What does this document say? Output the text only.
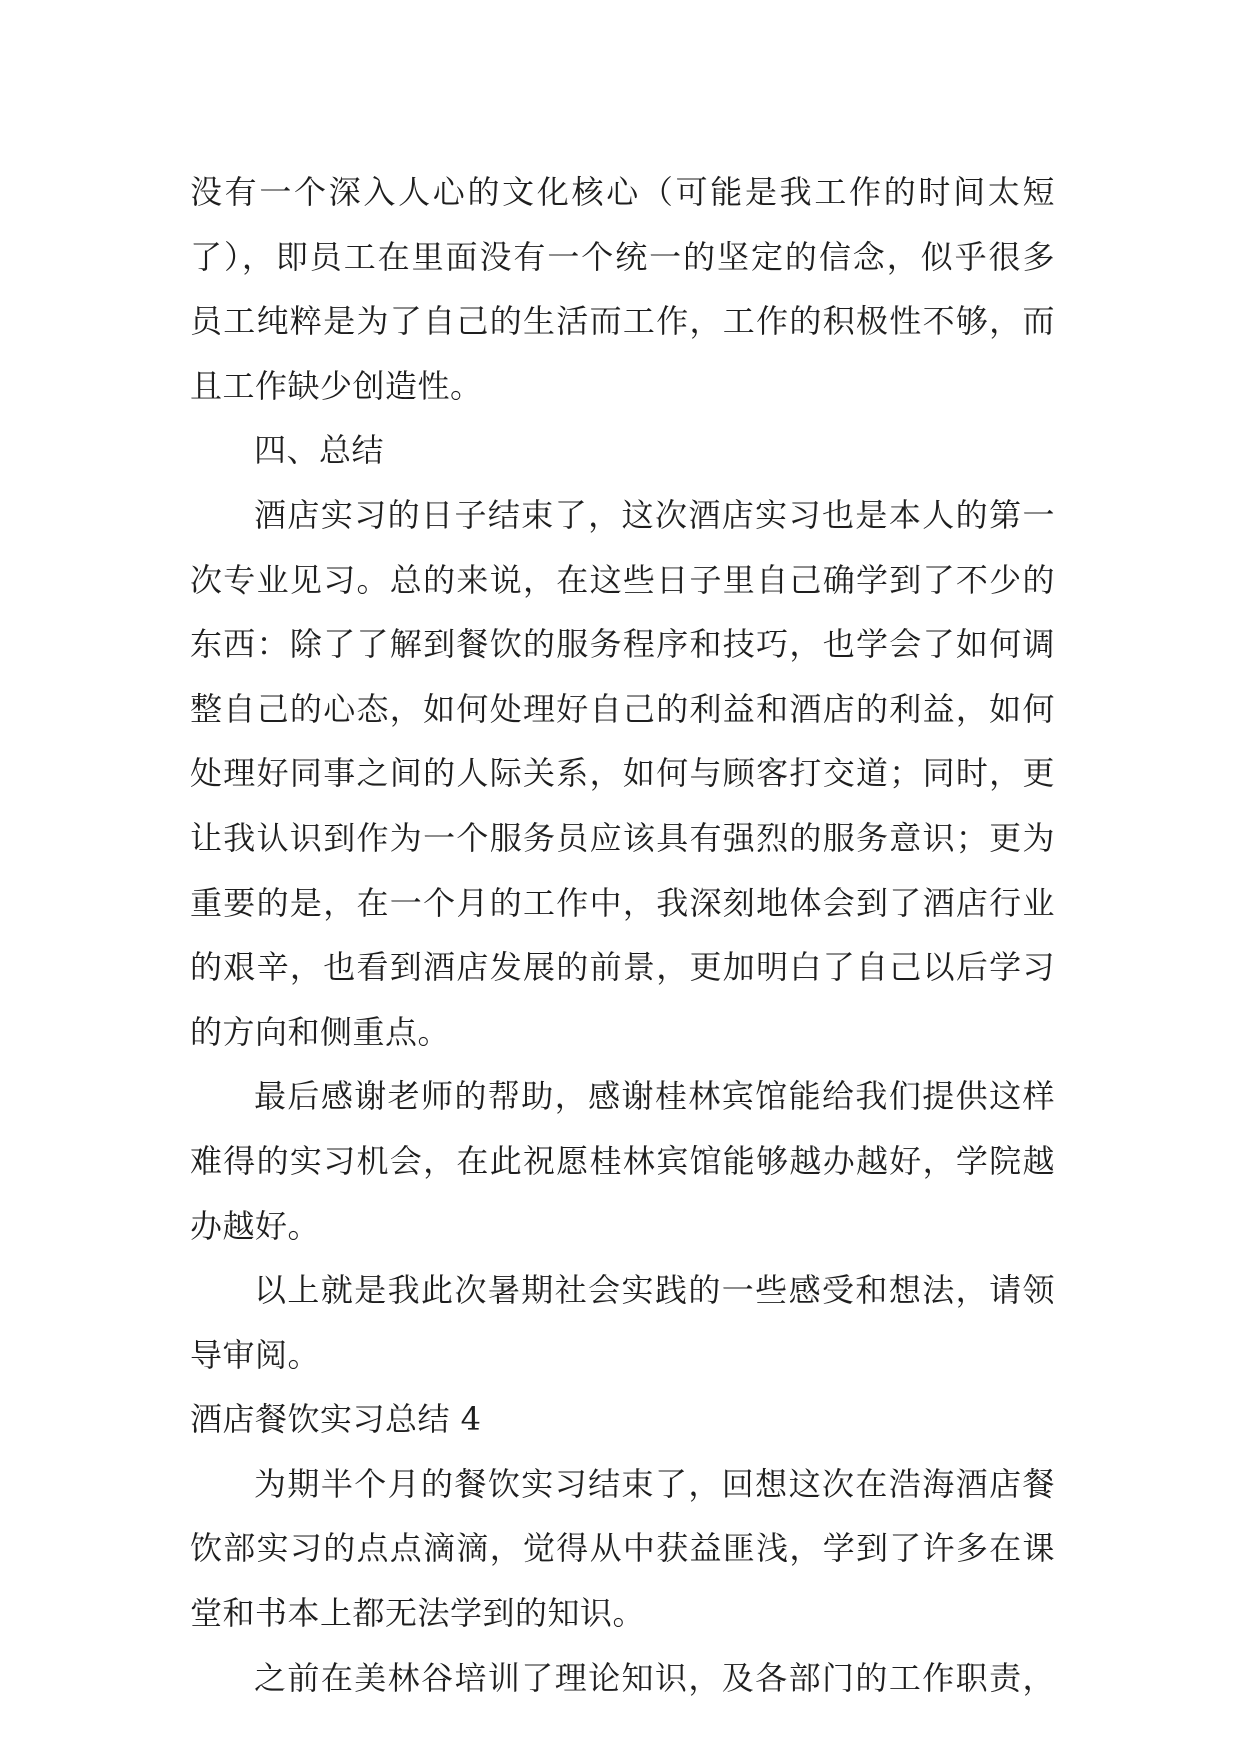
没有一个深入人心的文化核心（可能是我工作的时间太短
了），即员工在里面没有一个统一的坚定的信念，似乎很多
员工纯粹是为了自己的生活而工作，工作的积极性不够，而
且工作缺少创造性。
四、总结
酒店实习的日子结束了，这次酒店实习也是本人的第一
次专业见习。总的来说，在这些日子里自己确学到了不少的
东西：除了了解到餐饮的服务程序和技巧，也学会了如何调
整自己的心态，如何处理好自己的利益和酒店的利益，如何
处理好同事之间的人际关系，如何与顾客打交道；同时，更
让我认识到作为一个服务员应该具有强烈的服务意识；更为
重要的是，在一个月的工作中，我深刻地体会到了酒店行业
的艰辛，也看到酒店发展的前景，更加明白了自己以后学习
的方向和侧重点。
最后感谢老师的帮助，感谢桂林宾馆能给我们提供这样
难得的实习机会，在此祝愿桂林宾馆能够越办越好，学院越
办越好。
以上就是我此次暑期社会实践的一些感受和想法，请领
导审阅。
酒店餐饮实习总结 4
为期半个月的餐饮实习结束了，回想这次在浩海酒店餐
饮部实习的点点滴滴，觉得从中获益匪浅，学到了许多在课
堂和书本上都无法学到的知识。
之前在美林谷培训了理论知识，及各部门的工作职责，
